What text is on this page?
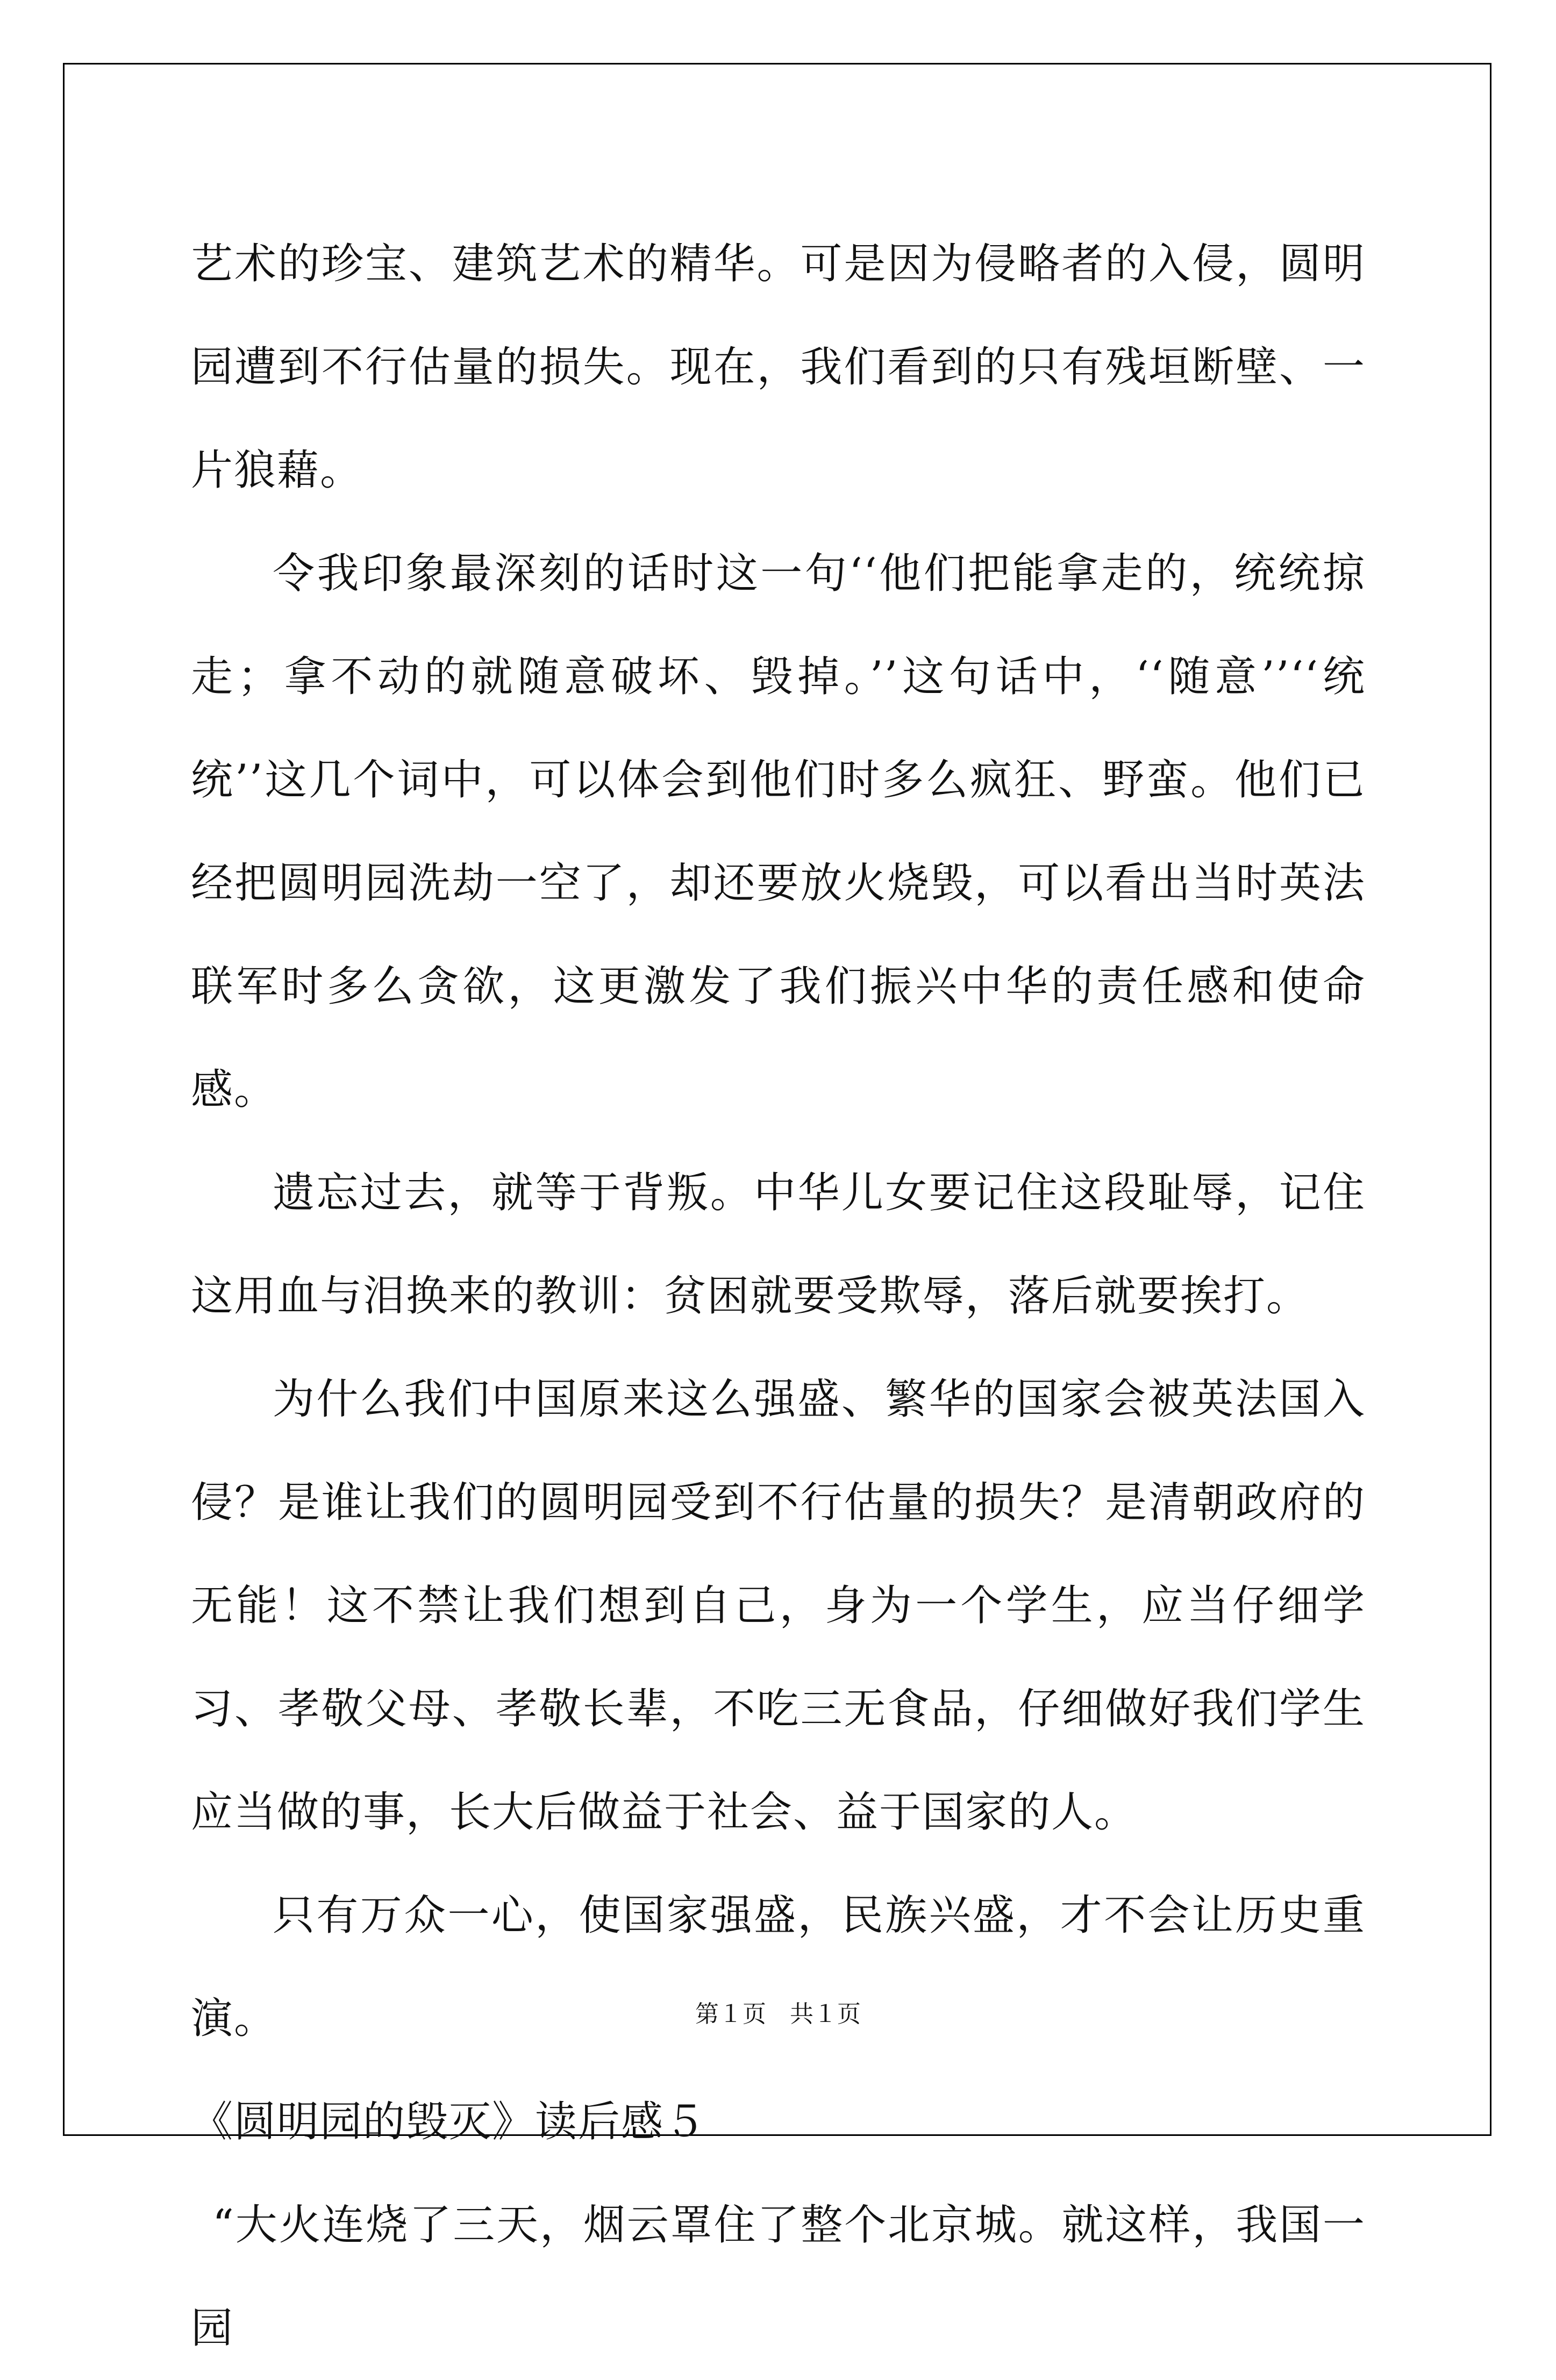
艺术的珍宝、建筑艺术的精华。可是因为侵略者的入侵，圆明园遭到不行估量的损失。现在，我们看到的只有残垣断壁、一片狼藉。

令我印象最深刻的话时这一句‘‘他们把能拿走的，统统掠走；拿不动的就随意破坏、毁掉。’’这句话中，‘‘随意’’‘‘统统’’这几个词中，可以体会到他们时多么疯狂、野蛮。他们已经把圆明园洗劫一空了，却还要放火烧毁，可以看出当时英法联军时多么贪欲，这更激发了我们振兴中华的责任感和使命感。

遗忘过去，就等于背叛。中华儿女要记住这段耻辱，记住这用血与泪换来的教训：贫困就要受欺辱，落后就要挨打。

为什么我们中国原来这么强盛、繁华的国家会被英法国入侵？是谁让我们的圆明园受到不行估量的损失？是清朝政府的无能！这不禁让我们想到自己，身为一个学生，应当仔细学习、孝敬父母、孝敬长辈，不吃三无食品，仔细做好我们学生应当做的事，长大后做益于社会、益于国家的人。

只有万众一心，使国家强盛，民族兴盛，才不会让历史重演。

《圆明园的毁灭》读后感５

“大火连烧了三天，烟云罩住了整个北京城。就这样，我国一园

第１页　共１页
